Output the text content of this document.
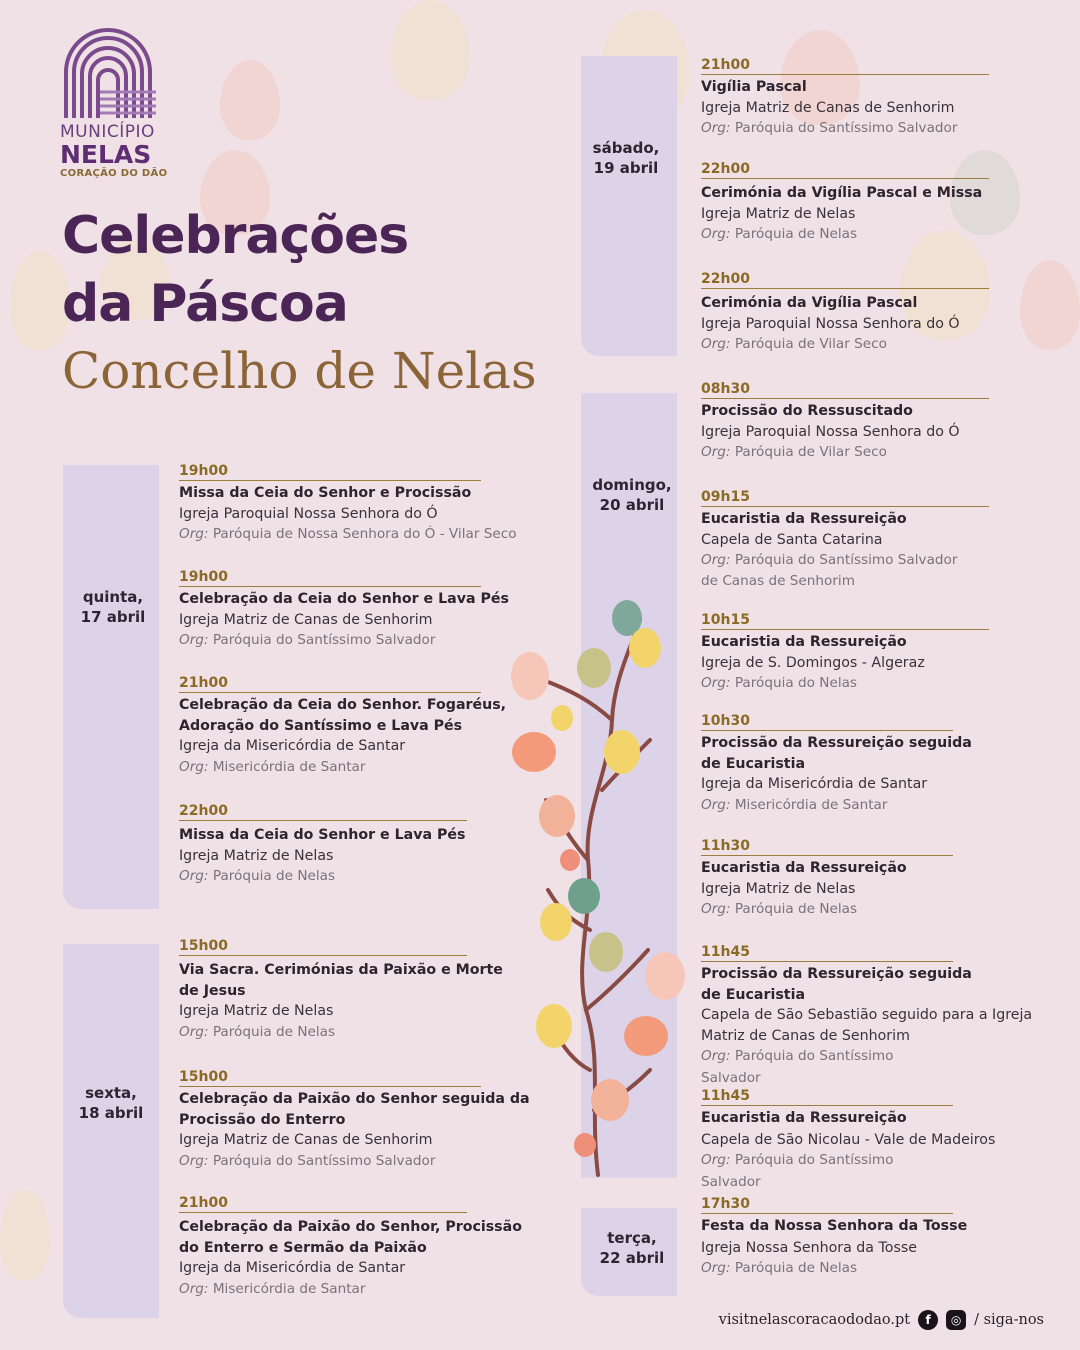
MUNICÍPIO
NELAS
CORAÇÃO DO DÃO
Celebrações
da Páscoa
Concelho de Nelas
quinta,
17 abril
sexta,
18 abril
sábado,
19 abril
domingo,
20 abril
terça,
22 abril
19h00
Missa da Ceia do Senhor e Procissão
Igreja Paroquial Nossa Senhora do Ó
Org: Paróquia de Nossa Senhora do Ó - Vilar Seco
19h00
Celebração da Ceia do Senhor e Lava Pés
Igreja Matriz de Canas de Senhorim
Org: Paróquia do Santíssimo Salvador
21h00
Celebração da Ceia do Senhor. Fogaréus,
Adoração do Santíssimo e Lava Pés
Igreja da Misericórdia de Santar
Org: Misericórdia de Santar
22h00
Missa da Ceia do Senhor e Lava Pés
Igreja Matriz de Nelas
Org: Paróquia de Nelas
15h00
Via Sacra. Cerimónias da Paixão e Morte
de Jesus
Igreja Matriz de Nelas
Org: Paróquia de Nelas
15h00
Celebração da Paixão do Senhor seguida da
Procissão do Enterro
Igreja Matriz de Canas de Senhorim
Org: Paróquia do Santíssimo Salvador
21h00
Celebração da Paixão do Senhor, Procissão
do Enterro e Sermão da Paixão
Igreja da Misericórdia de Santar
Org: Misericórdia de Santar
21h00
Vigília Pascal
Igreja Matriz de Canas de Senhorim
Org: Paróquia do Santíssimo Salvador
22h00
Cerimónia da Vigília Pascal e Missa
Igreja Matriz de Nelas
Org: Paróquia de Nelas
22h00
Cerimónia da Vigília Pascal
Igreja Paroquial Nossa Senhora do Ó
Org: Paróquia de Vilar Seco
08h30
Procissão do Ressuscitado
Igreja Paroquial Nossa Senhora do Ó
Org: Paróquia de Vilar Seco
09h15
Eucaristia da Ressureição
Capela de Santa Catarina
Org: Paróquia do Santíssimo Salvador
de Canas de Senhorim
10h15
Eucaristia da Ressureição
Igreja de S. Domingos - Algeraz
Org: Paróquia do Nelas
10h30
Procissão da Ressureição seguida
de Eucaristia
Igreja da Misericórdia de Santar
Org: Misericórdia de Santar
11h30
Eucaristia da Ressureição
Igreja Matriz de Nelas
Org: Paróquia de Nelas
11h45
Procissão da Ressureição seguida
de Eucaristia
Capela de São Sebastião seguido para a Igreja
Matriz de Canas de Senhorim
Org: Paróquia do Santíssimo Salvador
11h45
Eucaristia da Ressureição
Capela de São Nicolau - Vale de Madeiros
Org: Paróquia do Santíssimo Salvador
17h30
Festa da Nossa Senhora da Tosse
Igreja Nossa Senhora da Tosse
Org: Paróquia de Nelas
visitnelascoracaododao.pt	f	◎ / siga-nos
